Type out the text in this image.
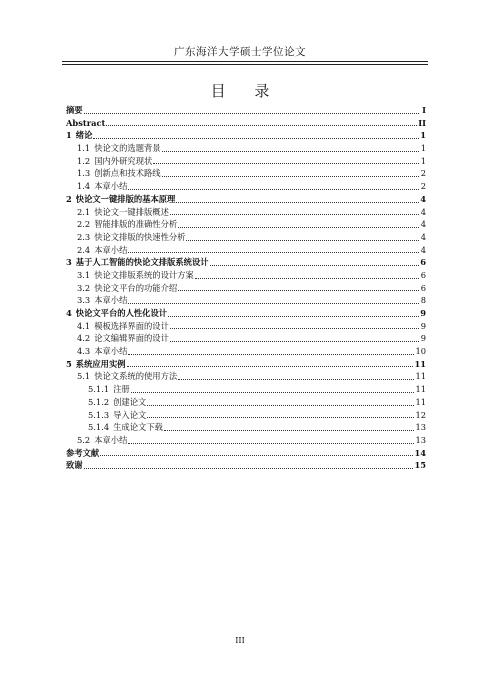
广东海洋大学硕士学位论文
目 录
摘要	I
Abstract	II
1 绪论	1
1.1 快论文的选题背景	1
1.2 国内外研究现状	1
1.3 创新点和技术路线	2
1.4 本章小结	2
2 快论文一键排版的基本原理	4
2.1 快论文一键排版概述	4
2.2 智能排版的准确性分析	4
2.3 快论文排版的快速性分析	4
2.4 本章小结	4
3 基于人工智能的快论文排版系统设计	6
3.1 快论文排版系统的设计方案	6
3.2 快论文平台的功能介绍	6
3.3 本章小结	8
4 快论文平台的人性化设计	9
4.1 模板选择界面的设计	9
4.2 论文编辑界面的设计	9
4.3 本章小结	10
5 系统应用实例	11
5.1 快论文系统的使用方法	11
5.1.1 注册	11
5.1.2 创建论文	11
5.1.3 导入论文	12
5.1.4 生成论文下载	13
5.2 本章小结	13
参考文献	14
致谢	15
III
